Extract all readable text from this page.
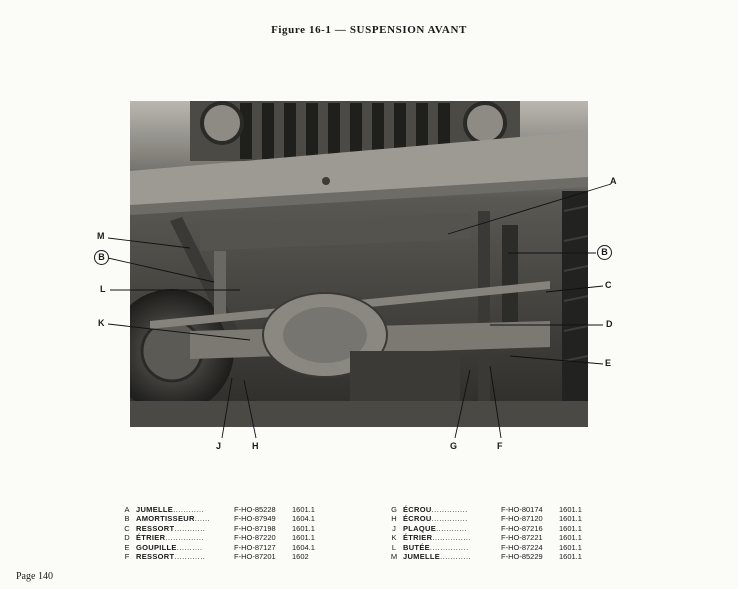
Figure 16-1 — SUSPENSION AVANT
A
M
B	B
L	C
K	D
E
J	H	G	F
A JUMELLE............	F-HO-85228	1601.1
B AMORTISSEUR......	F-HO-87949	1604.1
C RESSORT............	F-HO-87198	1601.1
D ÉTRIER...............	F-HO-87220	1601.1
E GOUPILLE..........	F-HO-87127	1604.1
F RESSORT............	F-HO-87201	1602
G ÉCROU..............	F-HO-80174	1601.1
H ÉCROU..............	F-HO-87120	1601.1
J PLAQUE............	F-HO-87216	1601.1
K ÉTRIER...............	F-HO-87221	1601.1
L BUTÉE...............	F-HO-87224	1601.1
M JUMELLE............	F-HO-85229	1601.1
Page 140
